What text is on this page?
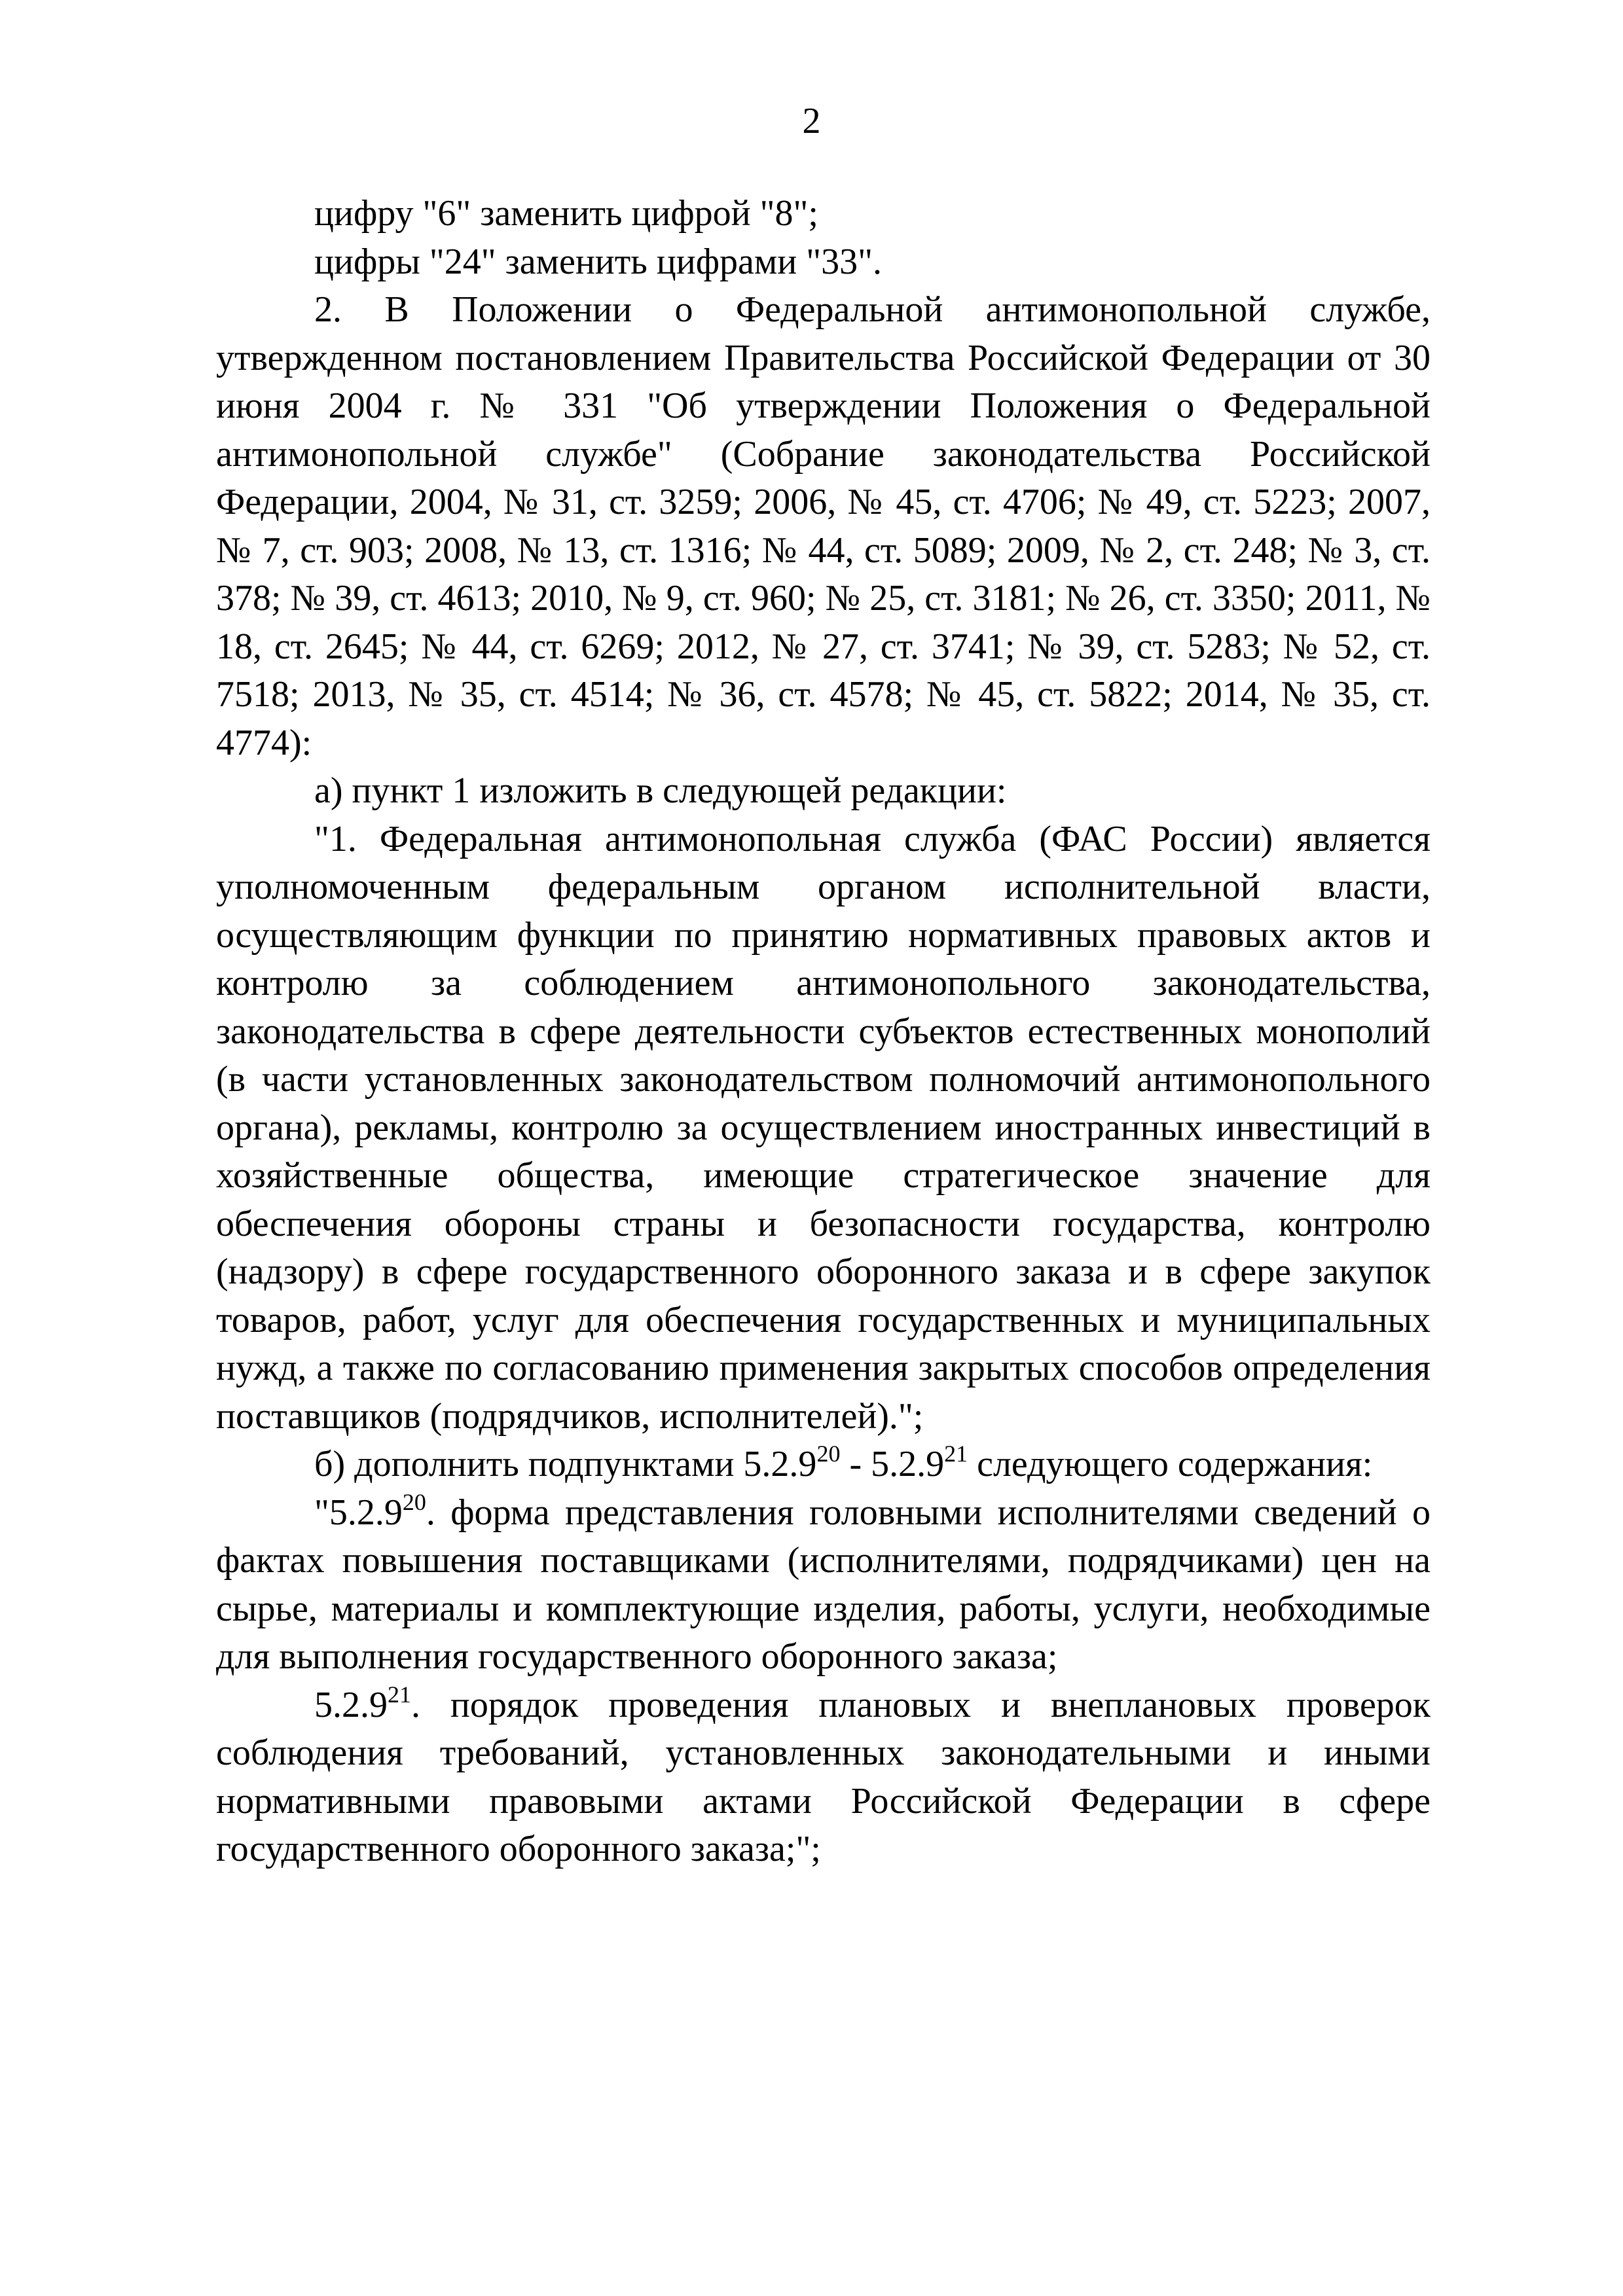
2

цифру "6" заменить цифрой "8";

цифры "24" заменить цифрами "33".

2. В Положении о Федеральной антимонопольной службе, утвержденном постановлением Правительства Российской Федерации от 30 июня 2004 г. № 331 "Об утверждении Положения о Федеральной антимонопольной службе" (Собрание законодательства Российской Федерации, 2004, № 31, ст. 3259; 2006, № 45, ст. 4706; № 49, ст. 5223; 2007, № 7, ст. 903; 2008, № 13, ст. 1316; № 44, ст. 5089; 2009, № 2, ст. 248; № 3, ст. 378; № 39, ст. 4613; 2010, № 9, ст. 960; № 25, ст. 3181; № 26, ст. 3350; 2011, № 18, ст. 2645; № 44, ст. 6269; 2012, № 27, ст. 3741; № 39, ст. 5283; № 52, ст. 7518; 2013, № 35, ст. 4514; № 36, ст. 4578; № 45, ст. 5822; 2014, № 35, ст. 4774):

а) пункт 1 изложить в следующей редакции:

"1. Федеральная антимонопольная служба (ФАС России) является уполномоченным федеральным органом исполнительной власти, осуществляющим функции по принятию нормативных правовых актов и контролю за соблюдением антимонопольного законодательства, законодательства в сфере деятельности субъектов естественных монополий (в части установленных законодательством полномочий антимонопольного органа), рекламы, контролю за осуществлением иностранных инвестиций в хозяйственные общества, имеющие стратегическое значение для обеспечения обороны страны и безопасности государства, контролю (надзору) в сфере государственного оборонного заказа и в сфере закупок товаров, работ, услуг для обеспечения государственных и муниципальных нужд, а также по согласованию применения закрытых способов определения поставщиков (подрядчиков, исполнителей).";

б) дополнить подпунктами 5.2.9$^{20}$ - 5.2.9$^{21}$ следующего содержания:

"5.2.9$^{20}$. форма представления головными исполнителями сведений о фактах повышения поставщиками (исполнителями, подрядчиками) цен на сырье, материалы и комплектующие изделия, работы, услуги, необходимые для выполнения государственного оборонного заказа;

5.2.9$^{21}$. порядок проведения плановых и внеплановых проверок соблюдения требований, установленных законодательными и иными нормативными правовыми актами Российской Федерации в сфере государственного оборонного заказа;";
